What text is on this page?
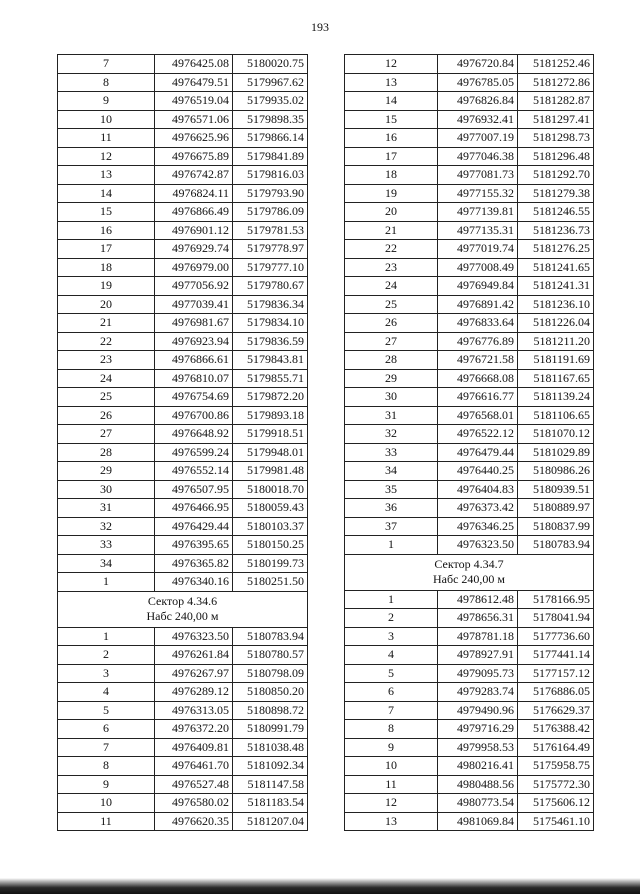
193
7	4976425.08	5180020.75
8	4976479.51	5179967.62
9	4976519.04	5179935.02
10	4976571.06	5179898.35
11	4976625.96	5179866.14
12	4976675.89	5179841.89
13	4976742.87	5179816.03
14	4976824.11	5179793.90
15	4976866.49	5179786.09
16	4976901.12	5179781.53
17	4976929.74	5179778.97
18	4976979.00	5179777.10
19	4977056.92	5179780.67
20	4977039.41	5179836.34
21	4976981.67	5179834.10
22	4976923.94	5179836.59
23	4976866.61	5179843.81
24	4976810.07	5179855.71
25	4976754.69	5179872.20
26	4976700.86	5179893.18
27	4976648.92	5179918.51
28	4976599.24	5179948.01
29	4976552.14	5179981.48
30	4976507.95	5180018.70
31	4976466.95	5180059.43
32	4976429.44	5180103.37
33	4976395.65	5180150.25
34	4976365.82	5180199.73
1	4976340.16	5180251.50

Сектор 4.34.6
Набс 240,00 м		

1	4976323.50	5180783.94
2	4976261.84	5180780.57
3	4976267.97	5180798.09
4	4976289.12	5180850.20
5	4976313.05	5180898.72
6	4976372.20	5180991.79
7	4976409.81	5181038.48
8	4976461.70	5181092.34
9	4976527.48	5181147.58
10	4976580.02	5181183.54
11	4976620.35	5181207.04
12	4976720.84	5181252.46
13	4976785.05	5181272.86
14	4976826.84	5181282.87
15	4976932.41	5181297.41
16	4977007.19	5181298.73
17	4977046.38	5181296.48
18	4977081.73	5181292.70
19	4977155.32	5181279.38
20	4977139.81	5181246.55
21	4977135.31	5181236.73
22	4977019.74	5181276.25
23	4977008.49	5181241.65
24	4976949.84	5181241.31
25	4976891.42	5181236.10
26	4976833.64	5181226.04
27	4976776.89	5181211.20
28	4976721.58	5181191.69
29	4976668.08	5181167.65
30	4976616.77	5181139.24
31	4976568.01	5181106.65
32	4976522.12	5181070.12
33	4976479.44	5181029.89
34	4976440.25	5180986.26
35	4976404.83	5180939.51
36	4976373.42	5180889.97
37	4976346.25	5180837.99
1	4976323.50	5180783.94

Сектор 4.34.7
Набс 240,00 м		

1	4978612.48	5178166.95
2	4978656.31	5178041.94
3	4978781.18	5177736.60
4	4978927.91	5177441.14
5	4979095.73	5177157.12
6	4979283.74	5176886.05
7	4979490.96	5176629.37
8	4979716.29	5176388.42
9	4979958.53	5176164.49
10	4980216.41	5175958.75
11	4980488.56	5175772.30
12	4980773.54	5175606.12
13	4981069.84	5175461.10
